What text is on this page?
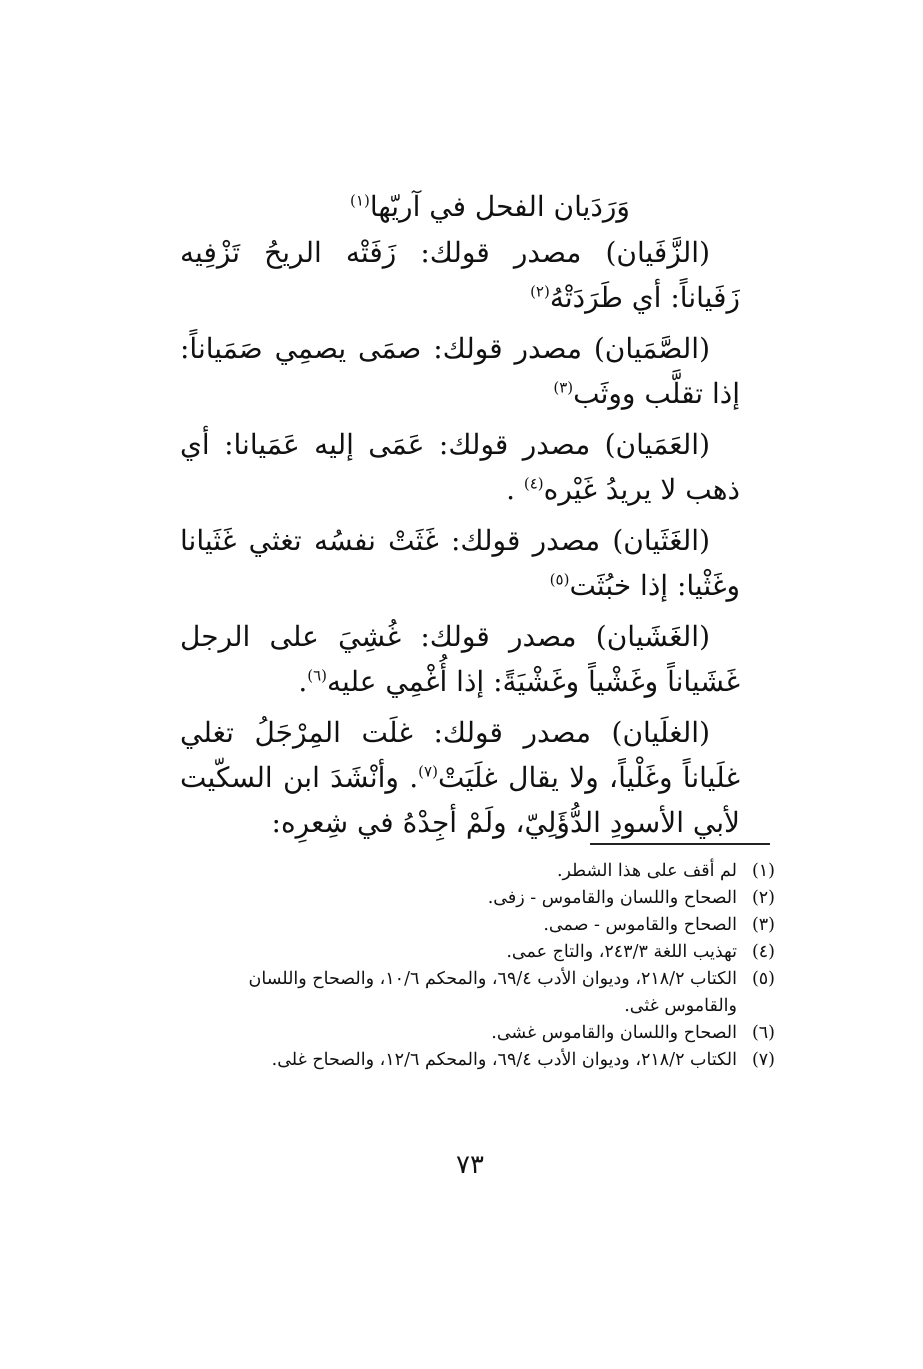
وَرَدَيان الفحل في آريّها$^{(١)}$

(الزَّفَيان) مصدر قولك: زَفَتْه الريحُ تَزْفِيه زَفَياناً: أي طَرَدَتْهُ$^{(٢)}$

(الصَّمَيان) مصدر قولك: صمَى يصمِي صَمَياناً: إذا تقلَّب ووثَب$^{(٣)}$

(العَمَيان) مصدر قولك: عَمَى إليه عَمَيانا: أي ذهب لا يريدُ غَيْره$^{(٤)}$ .

(الغَثَيان) مصدر قولك: غَثَتْ نفسُه تغثي غَثَيانا وغَثْيا: إذا خبُثَت$^{(٥)}$

(الغَشَيان) مصدر قولك: غُشِيَ على الرجل غَشَياناً وغَشْياً وغَشْيَةً: إذا أُغْمِي عليه$^{(٦)}$.

(الغلَيان) مصدر قولك: غلَت المِرْجَلُ تغلي غلَياناً وغَلْياً، ولا يقال غلَيَتْ$^{(٧)}$. وأنْشَدَ ابن السكّيت لأبي الأسودِ الدُّؤَلِيّ، ولَمْ أجِدْهُ في شِعرِه:

(١)
لم أقف على هذا الشطر.
(٢)
الصحاح واللسان والقاموس - زفى.
(٣)
الصحاح والقاموس - صمى.
(٤)
تهذيب اللغة ٢٤٣/٣، والتاج عمى.
(٥)
الكتاب ٢١٨/٢، وديوان الأدب ٦٩/٤، والمحكم ١٠/٦، والصحاح واللسان والقاموس غثى.
(٦)
الصحاح واللسان والقاموس غشى.
(٧)
الكتاب ٢١٨/٢، وديوان الأدب ٦٩/٤، والمحكم ١٢/٦، والصحاح غلى.
٧٣
